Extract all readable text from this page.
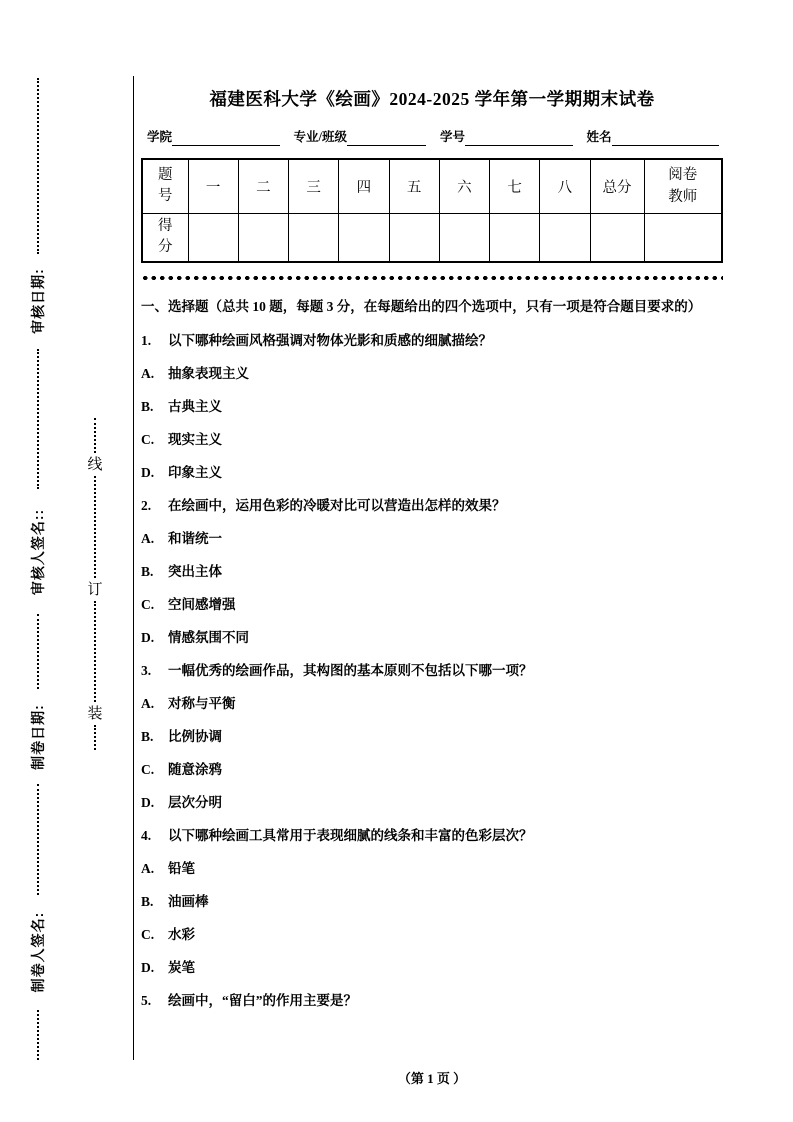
审核日期:
审核人签名::
制卷日期:
制卷人签名:
线
订
装
福建医科大学《绘画》2024-2025 学年第一学期期末试卷
学院	专业/班级	学号	姓名
题号	一	二	三	四	五	六	七	八	总分	阅卷教师
得分										
一、选择题（总共 10 题，每题 3 分，在每题给出的四个选项中，只有一项是符合题目要求的）
1. 以下哪种绘画风格强调对物体光影和质感的细腻描绘？
A. 抽象表现主义
B. 古典主义
C. 现实主义
D. 印象主义
2. 在绘画中，运用色彩的冷暖对比可以营造出怎样的效果？
A. 和谐统一
B. 突出主体
C. 空间感增强
D. 情感氛围不同
3. 一幅优秀的绘画作品，其构图的基本原则不包括以下哪一项？
A. 对称与平衡
B. 比例协调
C. 随意涂鸦
D. 层次分明
4. 以下哪种绘画工具常用于表现细腻的线条和丰富的色彩层次？
A. 铅笔
B. 油画棒
C. 水彩
D. 炭笔
5. 绘画中，“留白”的作用主要是？
（第 1 页 ）
